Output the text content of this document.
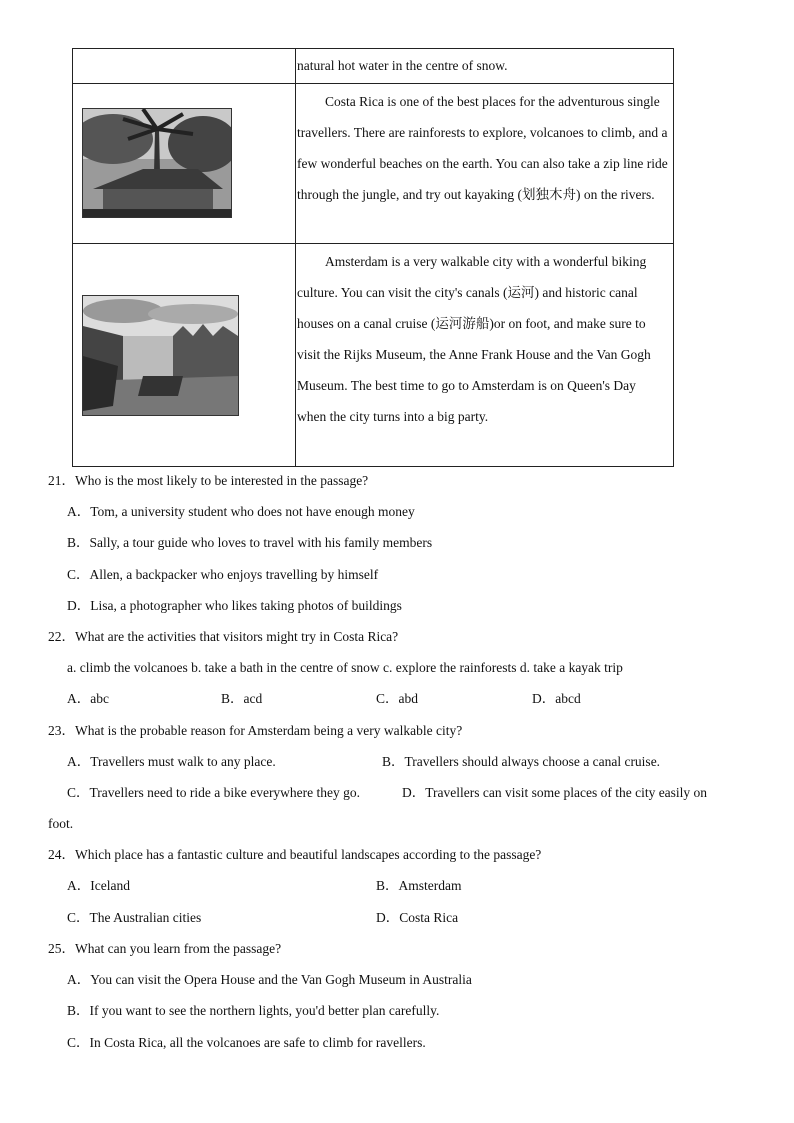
	natural hot water in the centre of snow.

Costa Rica is one of the best places for the adventurous single travellers. There are rainforests to explore, volcanoes to climb, and a few wonderful beaches on the earth. You can also take a zip line ride through the jungle, and try out kayaking (划独木舟) on the rivers.

Amsterdam is a very walkable city with a wonderful biking culture. You can visit the city's canals (运河) and historic canal houses on a canal cruise (运河游船)or on foot, and make sure to visit the Rijks Museum, the Anne Frank House and the Van Gogh Museum. The best time to go to Amsterdam is on Queen's Day when the city turns into a big party.
21．Who is the most likely to be interested in the passage?
A．Tom, a university student who does not have enough money
B．Sally, a tour guide who loves to travel with his family members
C．Allen, a backpacker who enjoys travelling by himself
D．Lisa, a photographer who likes taking photos of buildings
22．What are the activities that visitors might try in Costa Rica?
a. climb the volcanoes b. take a bath in the centre of snow c. explore the rainforests d. take a kayak trip
A．abc	B．acd	C．abd	D．abcd
23．What is the probable reason for Amsterdam being a very walkable city?
A．Travellers must walk to any place.	B．Travellers should always choose a canal cruise.
C．Travellers need to ride a bike everywhere they go.	D．Travellers can visit some places of the city easily on
foot.
24．Which place has a fantastic culture and beautiful landscapes according to the passage?
A．Iceland	B．Amsterdam
C．The Australian cities	D．Costa Rica
25．What can you learn from the passage?
A．You can visit the Opera House and the Van Gogh Museum in Australia
B．If you want to see the northern lights, you'd better plan carefully.
C．In Costa Rica, all the volcanoes are safe to climb for ravellers.
